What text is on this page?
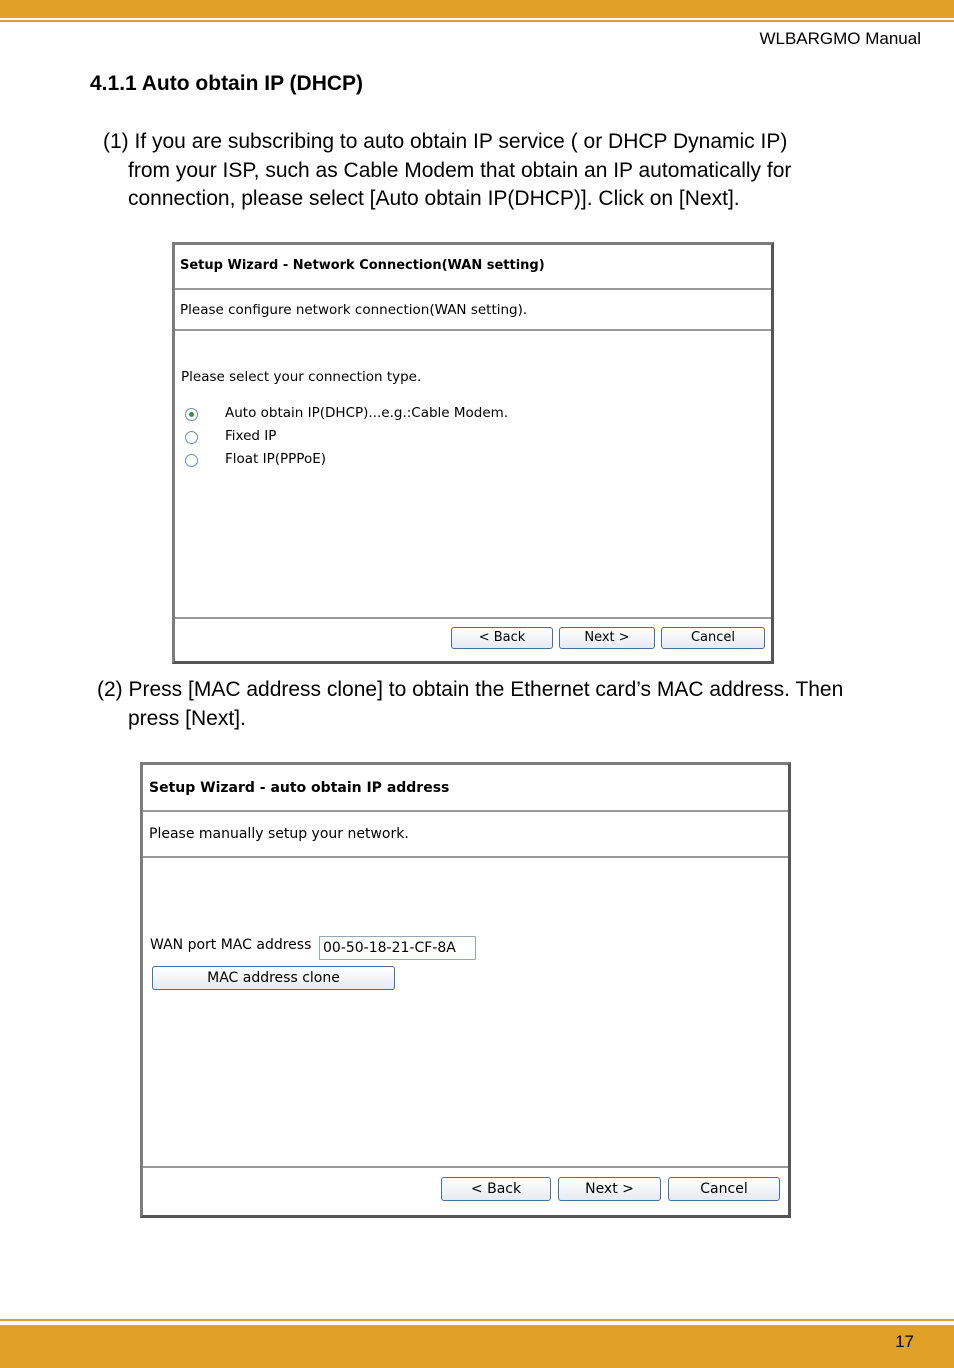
WLBARGMO Manual
4.1.1 Auto obtain IP (DHCP)
(1) If you are subscribing to auto obtain IP service ( or DHCP Dynamic IP)
from your ISP, such as Cable Modem that obtain an IP automatically for
connection, please select [Auto obtain IP(DHCP)]. Click on [Next].
Setup Wizard - Network Connection(WAN setting)
Please configure network connection(WAN setting).
Please select your connection type.
Auto obtain IP(DHCP)...e.g.:Cable Modem.
Fixed IP
Float IP(PPPoE)
< Back	Next >	Cancel
(2) Press [MAC address clone] to obtain the Ethernet card’s MAC address. Then
press [Next].
Setup Wizard - auto obtain IP address
Please manually setup your network.
WAN port MAC address
00-50-18-21-CF-8A
MAC address clone
< Back	Next >	Cancel
17
